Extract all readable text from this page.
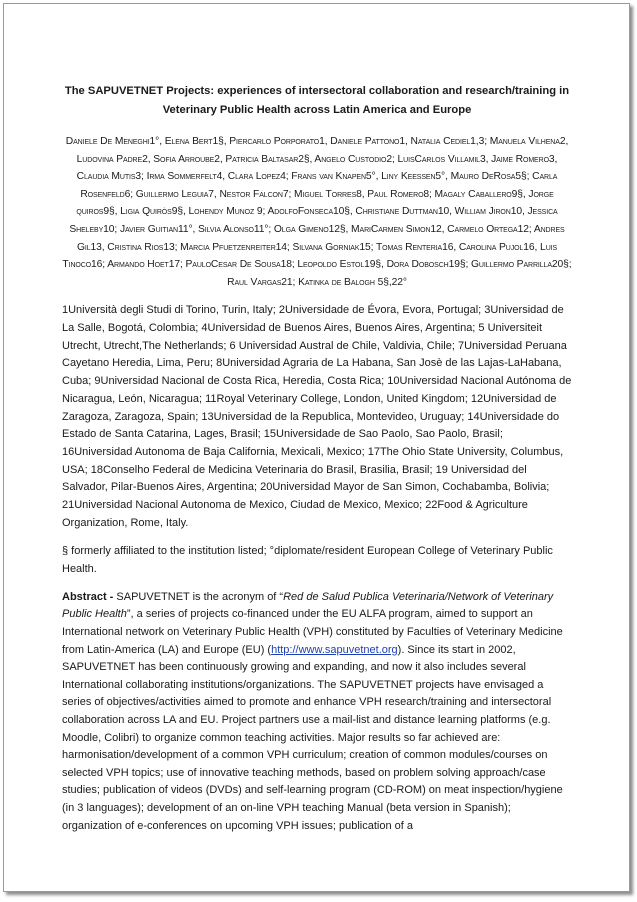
The SAPUVETNET Projects: experiences of intersectoral collaboration and research/training in
Veterinary Public Health across Latin America and Europe

Daniele De Meneghi1°, Elena Bert1§, Piercarlo Porporato1, Daniele Pattono1, Natalia Cediel1,3; Manuela Vilhena2, Ludovina Padre2, Sofia Arroube2, Patricia Baltasar2§, Angelo Custodio2; LuisCarlos Villamil3, Jaime Romero3, Claudia Mutis3; Irma Sommerfelt4, Clara Lopez4; Frans van Knapen5°, Liny Keessen5°, Mauro DeRosa5§; Carla Rosenfeld6; Guillermo Leguia7, Nestor Falcon7; Miguel Torres8, Paul Romero8; Magaly Caballero9§, Jorge quiros9§, Ligia Quiròs9§, Lohendy Munoz 9; AdolfoFonseca10§, Christiane Duttman10, William Jiron10, Jessica Sheleby10; Javier Guitian11°, Silvia Alonso11°; Olga Gimeno12§, MariCarmen Simon12, Carmelo Ortega12; Andres Gil13, Cristina Rios13; Marcia Pfuetzenreiter14; Silvana Gorniak15; Tomas Renteria16, Carolina Pujol16, Luis Tinoco16; Armando Hoet17; PauloCesar De Sousa18; Leopoldo Estol19§, Dora Dobosch19§; Guillermo Parrilla20§; Raul Vargas21; Katinka de Balogh 5§,22°
1Università degli Studi di Torino, Turin, Italy; 2Universidade de Évora, Evora, Portugal; 3Universidad de La Salle, Bogotá, Colombia; 4Universidad de Buenos Aires, Buenos Aires, Argentina; 5 Universiteit Utrecht, Utrecht,The Netherlands; 6 Universidad Austral de Chile, Valdivia, Chile; 7Universidad Peruana Cayetano Heredia, Lima, Peru; 8Universidad Agraria de La Habana, San Josè de las Lajas-LaHabana, Cuba; 9Universidad Nacional de Costa Rica, Heredia, Costa Rica; 10Universidad Nacional Autónoma de Nicaragua, León, Nicaragua; 11Royal Veterinary College, London, United Kingdom; 12Universidad de Zaragoza, Zaragoza, Spain; 13Universidad de la Republica, Montevideo, Uruguay; 14Universidade do Estado de Santa Catarina, Lages, Brasil; 15Universidade de Sao Paolo, Sao Paolo, Brasil; 16Universidad Autonoma de Baja California, Mexicali, Mexico; 17The Ohio State University, Columbus, USA; 18Conselho Federal de Medicina Veterinaria do Brasil, Brasilia, Brasil; 19 Universidad del Salvador, Pilar-Buenos Aires, Argentina; 20Universidad Mayor de San Simon, Cochabamba, Bolivia; 21Universidad Nacional Autonoma de Mexico, Ciudad de Mexico, Mexico; 22Food & Agriculture Organization, Rome, Italy.
§ formerly affiliated to the institution listed; °diplomate/resident European College of Veterinary Public Health.
Abstract - SAPUVETNET is the acronym of “Red de Salud Publica Veterinaria/Network of Veterinary Public Health”, a series of projects co-financed under the EU ALFA program, aimed to support an International network on Veterinary Public Health (VPH) constituted by Faculties of Veterinary Medicine from Latin-America (LA) and Europe (EU) (http://www.sapuvetnet.org). Since its start in 2002, SAPUVETNET has been continuously growing and expanding, and now it also includes several International collaborating institutions/organizations. The SAPUVETNET projects have envisaged a series of objectives/activities aimed to promote and enhance VPH research/training and intersectoral collaboration across LA and EU. Project partners use a mail-list and distance learning platforms (e.g. Moodle, Colibri) to organize common teaching activities. Major results so far achieved are: harmonisation/development of a common VPH curriculum; creation of common modules/courses on selected VPH topics; use of innovative teaching methods, based on problem solving approach/case studies; publication of videos (DVDs) and self-learning program (CD-ROM) on meat inspection/hygiene (in 3 languages); development of an on-line VPH teaching Manual (beta version in Spanish); organization of e-conferences on upcoming VPH issues; publication of a
